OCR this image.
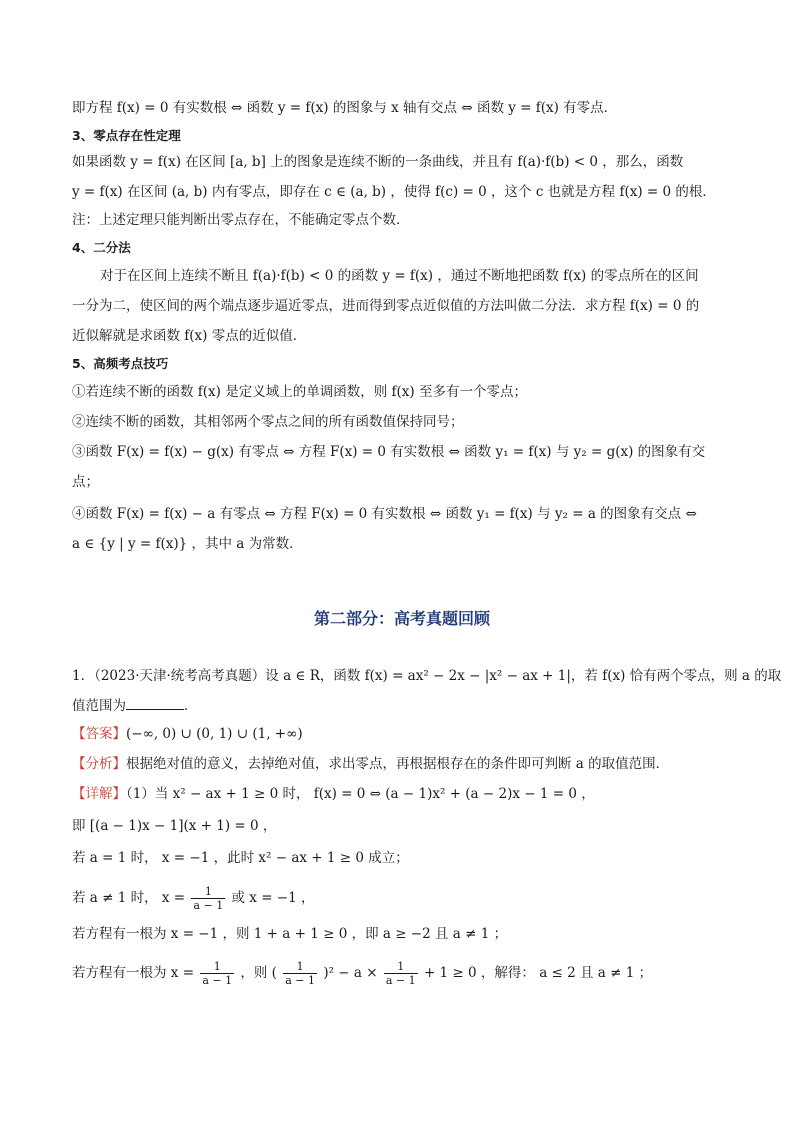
即方程 f(x) = 0 有实数根 ⇔ 函数 y = f(x) 的图象与 x 轴有交点 ⇔ 函数 y = f(x) 有零点．
3、零点存在性定理
如果函数 y = f(x) 在区间 [a, b] 上的图象是连续不断的一条曲线，并且有 f(a)·f(b) < 0 ，那么，函数
y = f(x) 在区间 (a, b) 内有零点，即存在 c ∈ (a, b) ，使得 f(c) = 0 ，这个 c 也就是方程 f(x) = 0 的根．
注：上述定理只能判断出零点存在，不能确定零点个数．
4、二分法
对于在区间上连续不断且 f(a)·f(b) < 0 的函数 y = f(x) ，通过不断地把函数 f(x) 的零点所在的区间
一分为二，使区间的两个端点逐步逼近零点，进而得到零点近似值的方法叫做二分法．求方程 f(x) = 0 的
近似解就是求函数 f(x) 零点的近似值．
5、高频考点技巧
①若连续不断的函数 f(x) 是定义域上的单调函数，则 f(x) 至多有一个零点；
②连续不断的函数，其相邻两个零点之间的所有函数值保持同号；
③函数 F(x) = f(x) − g(x) 有零点 ⇔ 方程 F(x) = 0 有实数根 ⇔ 函数 y₁ = f(x) 与 y₂ = g(x) 的图象有交
点；
④函数 F(x) = f(x) − a 有零点 ⇔ 方程 F(x) = 0 有实数根 ⇔ 函数 y₁ = f(x) 与 y₂ = a 的图象有交点 ⇔
a ∈ {y | y = f(x)} ，其中 a 为常数．
第二部分：高考真题回顾
1．（2023·天津·统考高考真题）设 a ∈ R，函数 f(x) = ax² − 2x − |x² − ax + 1|，若 f(x) 恰有两个零点，则 a 的取
值范围为	．
【答案】(−∞, 0) ∪ (0, 1) ∪ (1, +∞)
【分析】根据绝对值的意义，去掉绝对值，求出零点，再根据根存在的条件即可判断 a 的取值范围．
【详解】（1）当 x² − ax + 1 ≥ 0 时， f(x) = 0 ⇔ (a − 1)x² + (a − 2)x − 1 = 0 ，
即 [(a − 1)x − 1](x + 1) = 0 ，
若 a = 1 时， x = −1 ，此时 x² − ax + 1 ≥ 0 成立；
若 a ≠ 1 时， $x = \frac{1}{a - 1}$ 或 x = −1 ，
若方程有一根为 x = −1 ，则 1 + a + 1 ≥ 0 ，即 a ≥ −2 且 a ≠ 1 ；
若方程有一根为 $x = \frac{1}{a - 1}$ ，则 ( $\frac{1}{a - 1} )^2 - a \times \frac{1}{a - 1} + 1 \ge 0$ ，解得： a ≤ 2 且 a ≠ 1 ；
